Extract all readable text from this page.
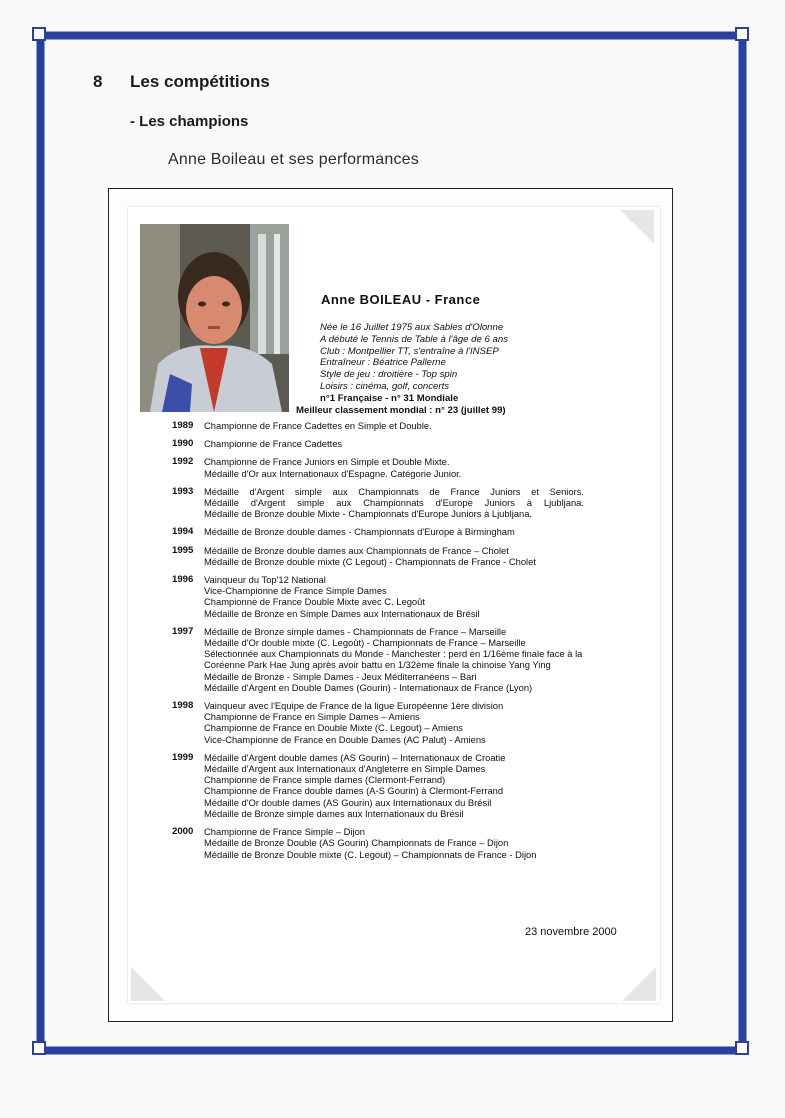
8 Les compétitions
- Les champions
Anne Boileau et ses performances
Anne BOILEAU - France
Née le 16 Juillet 1975 aux Sables d'Olonne
A débuté le Tennis de Table à l'âge de 6 ans
Club : Montpellier TT, s'entraîne à l'INSEP
Entraîneur : Béatrice Pallerne
Style de jeu : droitière - Top spin
Loisirs : cinéma, golf, concerts
n°1 Française - n° 31 Mondiale
Meilleur classement mondial : n° 23 (juillet 99)
1989 Championne de France Cadettes en Simple et Double.
1990 Championne de France Cadettes
1992 Championne de France Juniors en Simple et Double Mixte.
Médaille d'Or aux Internationaux d'Espagne. Catégorie Junior.
1993 Médaille d'Argent simple aux Championnats de France Juniors et Seniors.
Médaille d'Argent simple aux Championnats d'Europe Juniors à Ljubljana.
Médaille de Bronze double Mixte - Championnats d'Europe Juniors à Ljubljana.
1994 Médaille de Bronze double dames - Championnats d'Europe à Birmingham
1995 Médaille de Bronze double dames aux Championnats de France – Cholet
Médaille de Bronze double mixte (C Legout) - Championnats de France - Cholet
1996 Vainqueur du Top'12 National
Vice-Championne de France Simple Dames
Championne de France Double Mixte avec C. Legoût
Médaille de Bronze en Simple Dames aux Internationaux de Brésil
1997 Médaille de Bronze simple dames - Championnats de France – Marseille
Médaille d'Or double mixte (C. Legoût) - Championnats de France – Marseille
Sélectionnée aux Championnats du Monde - Manchester : perd en 1/16ème finale face à la
Coréenne Park Hae Jung après avoir battu en 1/32ème finale la chinoise Yang Ying
Médaille de Bronze - Simple Dames - Jeux Méditerranéens – Bari
Médaille d'Argent en Double Dames (Gourin) - Internationaux de France (Lyon)
1998 Vainqueur avec l'Equipe de France de la ligue Européenne 1ère division
Championne de France en Simple Dames – Amiens
Championne de France en Double Mixte (C. Legout) – Amiens
Vice-Championne de France en Double Dames (AC Palut) - Amiens
1999 Médaille d'Argent double dames (AS Gourin) – Internationaux de Croatie
Médaille d'Argent aux Internationaux d'Angleterre en Simple Dames
Championne de France simple dames (Clermont-Ferrand)
Championne de France double dames (A-S Gourin) à Clermont-Ferrand
Médaille d'Or double dames (AS Gourin) aux Internationaux du Brésil
Médaille de Bronze simple dames aux Internationaux du Brésil
2000 Championne de France Simple – Dijon
Médaille de Bronze Double (AS Gourin) Championnats de France – Dijon
Médaille de Bronze Double mixte (C. Legout) – Championnats de France - Dijon
23 novembre 2000
